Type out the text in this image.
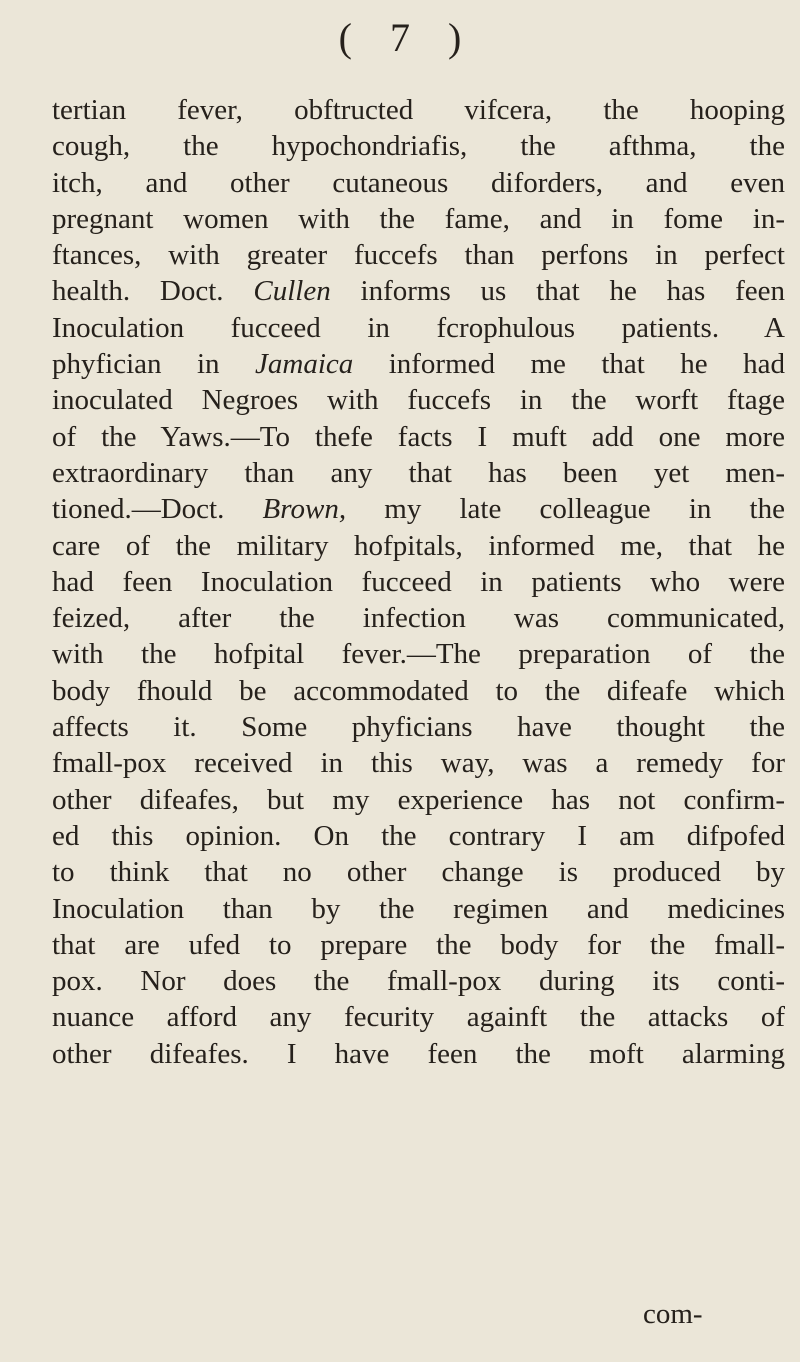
( 7 )
tertian fever, obftructed vifcera, the hooping
cough, the hypochondriafis, the afthma, the
itch, and other cutaneous diforders, and even
pregnant women with the fame, and in fome in-
ftances, with greater fuccefs than perfons in perfect
health. Doct. Cullen informs us that he has feen
Inoculation fucceed in fcrophulous patients. A
phyfician in Jamaica informed me that he had
inoculated Negroes with fuccefs in the worft ftage
of the Yaws.—To thefe facts I muft add one more
extraordinary than any that has been yet men-
tioned.—Doct. Brown, my late colleague in the
care of the military hofpitals, informed me, that he
had feen Inoculation fucceed in patients who were
feized, after the infection was communicated,
with the hofpital fever.—The preparation of the
body fhould be accommodated to the difeafe which
affects it. Some phyficians have thought the
fmall-pox received in this way, was a remedy for
other difeafes, but my experience has not confirm-
ed this opinion. On the contrary I am difpofed
to think that no other change is produced by
Inoculation than by the regimen and medicines
that are ufed to prepare the body for the fmall-
pox. Nor does the fmall-pox during its conti-
nuance afford any fecurity againft the attacks of
other difeafes. I have feen the moft alarming
com-
